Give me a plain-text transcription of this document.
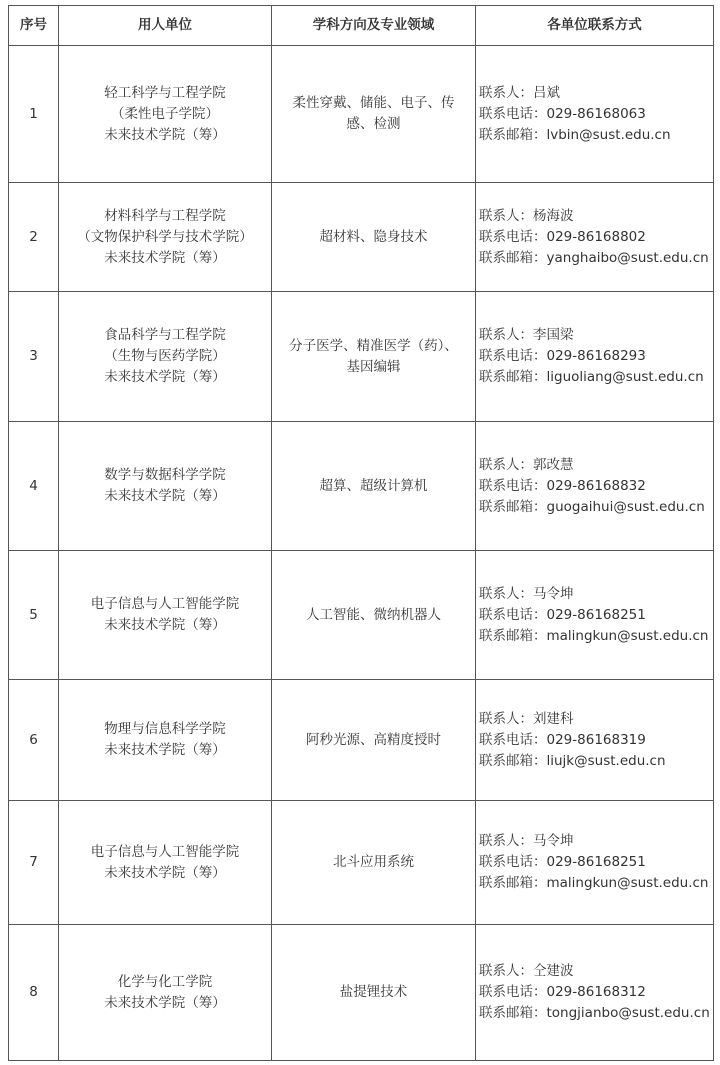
序号	用人单位	学科方向及专业领域	各单位联系方式
1	轻工科学与工程学院
（柔性电子学院）
未来技术学院（筹）	柔性穿戴、储能、电子、传感、检测	联系人：吕斌
联系电话：029-86168063
联系邮箱：lvbin@sust.edu.cn

2	材料科学与工程学院
（文物保护科学与技术学院）
未来技术学院（筹）	超材料、隐身技术	联系人：杨海波
联系电话：029-86168802
联系邮箱：yanghaibo@sust.edu.cn

3	食品科学与工程学院
（生物与医药学院）
未来技术学院（筹）	分子医学、精准医学（药）、基因编辑	联系人：李国梁
联系电话：029-86168293
联系邮箱：liguoliang@sust.edu.cn

4	数学与数据科学学院
未来技术学院（筹）	超算、超级计算机	联系人：郭改慧
联系电话：029-86168832
联系邮箱：guogaihui@sust.edu.cn

5	电子信息与人工智能学院
未来技术学院（筹）	人工智能、微纳机器人	联系人：马令坤
联系电话：029-86168251
联系邮箱：malingkun@sust.edu.cn

6	物理与信息科学学院
未来技术学院（筹）	阿秒光源、高精度授时	联系人：刘建科
联系电话：029-86168319
联系邮箱：liujk@sust.edu.cn

7	电子信息与人工智能学院
未来技术学院（筹）	北斗应用系统	联系人：马令坤
联系电话：029-86168251
联系邮箱：malingkun@sust.edu.cn

8	化学与化工学院
未来技术学院（筹）	盐提锂技术	联系人：仝建波
联系电话：029-86168312
联系邮箱：tongjianbo@sust.edu.cn
